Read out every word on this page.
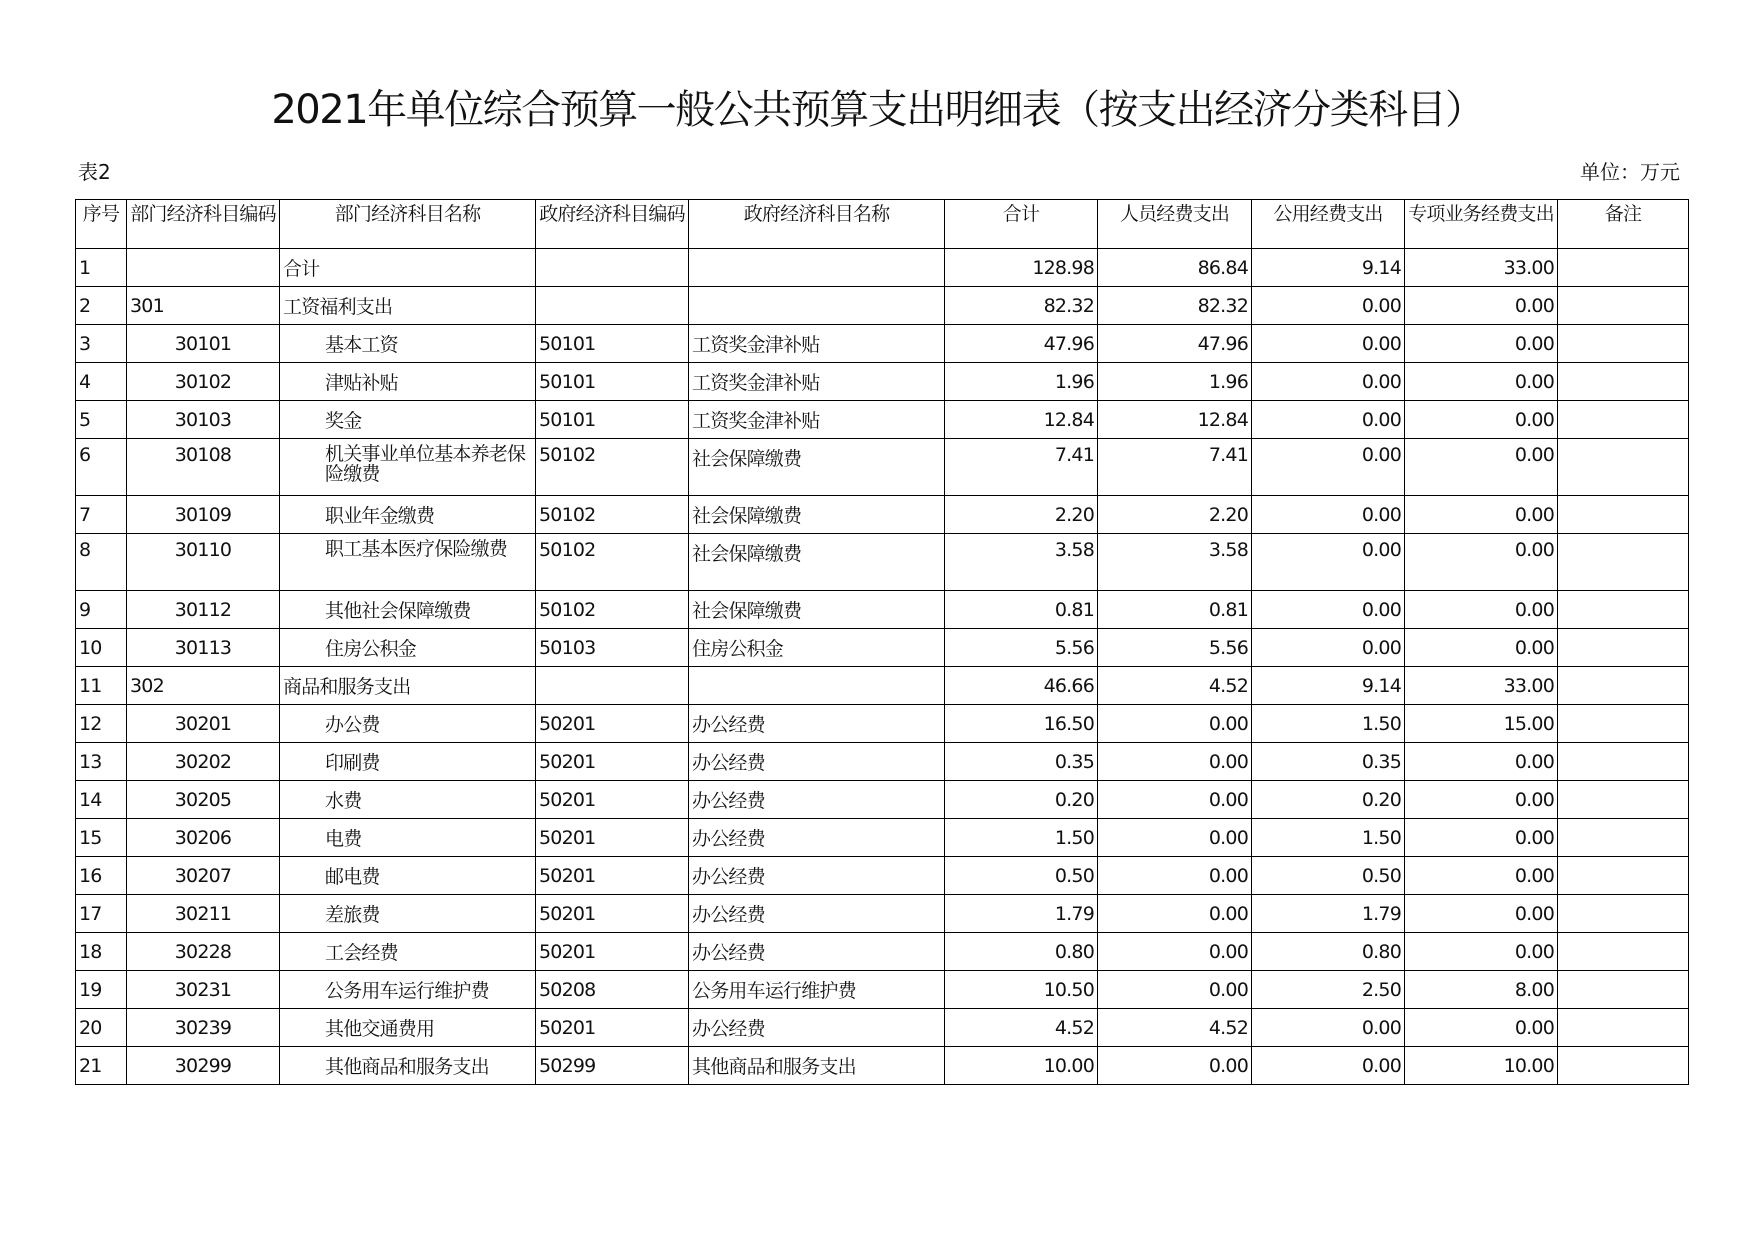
2021年单位综合预算一般公共预算支出明细表（按支出经济分类科目）
表2	单位：万元
序号	部门经济科目编码	部门经济科目名称	政府经济科目编码	政府经济科目名称	合计	人员经费支出	公用经费支出	专项业务经费支出	备注
1		合计			128.98	86.84	9.14	33.00	
2	301	工资福利支出			82.32	82.32	0.00	0.00	
3	30101	基本工资	50101	工资奖金津补贴	47.96	47.96	0.00	0.00	
4	30102	津贴补贴	50101	工资奖金津补贴	1.96	1.96	0.00	0.00	
5	30103	奖金	50101	工资奖金津补贴	12.84	12.84	0.00	0.00	
6	30108	机关事业单位基本养老保险缴费	50102	社会保障缴费	7.41	7.41	0.00	0.00	
7	30109	职业年金缴费	50102	社会保障缴费	2.20	2.20	0.00	0.00	
8	30110	职工基本医疗保险缴费	50102	社会保障缴费	3.58	3.58	0.00	0.00	
9	30112	其他社会保障缴费	50102	社会保障缴费	0.81	0.81	0.00	0.00	
10	30113	住房公积金	50103	住房公积金	5.56	5.56	0.00	0.00	
11	302	商品和服务支出			46.66	4.52	9.14	33.00	
12	30201	办公费	50201	办公经费	16.50	0.00	1.50	15.00	
13	30202	印刷费	50201	办公经费	0.35	0.00	0.35	0.00	
14	30205	水费	50201	办公经费	0.20	0.00	0.20	0.00	
15	30206	电费	50201	办公经费	1.50	0.00	1.50	0.00	
16	30207	邮电费	50201	办公经费	0.50	0.00	0.50	0.00	
17	30211	差旅费	50201	办公经费	1.79	0.00	1.79	0.00	
18	30228	工会经费	50201	办公经费	0.80	0.00	0.80	0.00	
19	30231	公务用车运行维护费	50208	公务用车运行维护费	10.50	0.00	2.50	8.00	
20	30239	其他交通费用	50201	办公经费	4.52	4.52	0.00	0.00	
21	30299	其他商品和服务支出	50299	其他商品和服务支出	10.00	0.00	0.00	10.00	
